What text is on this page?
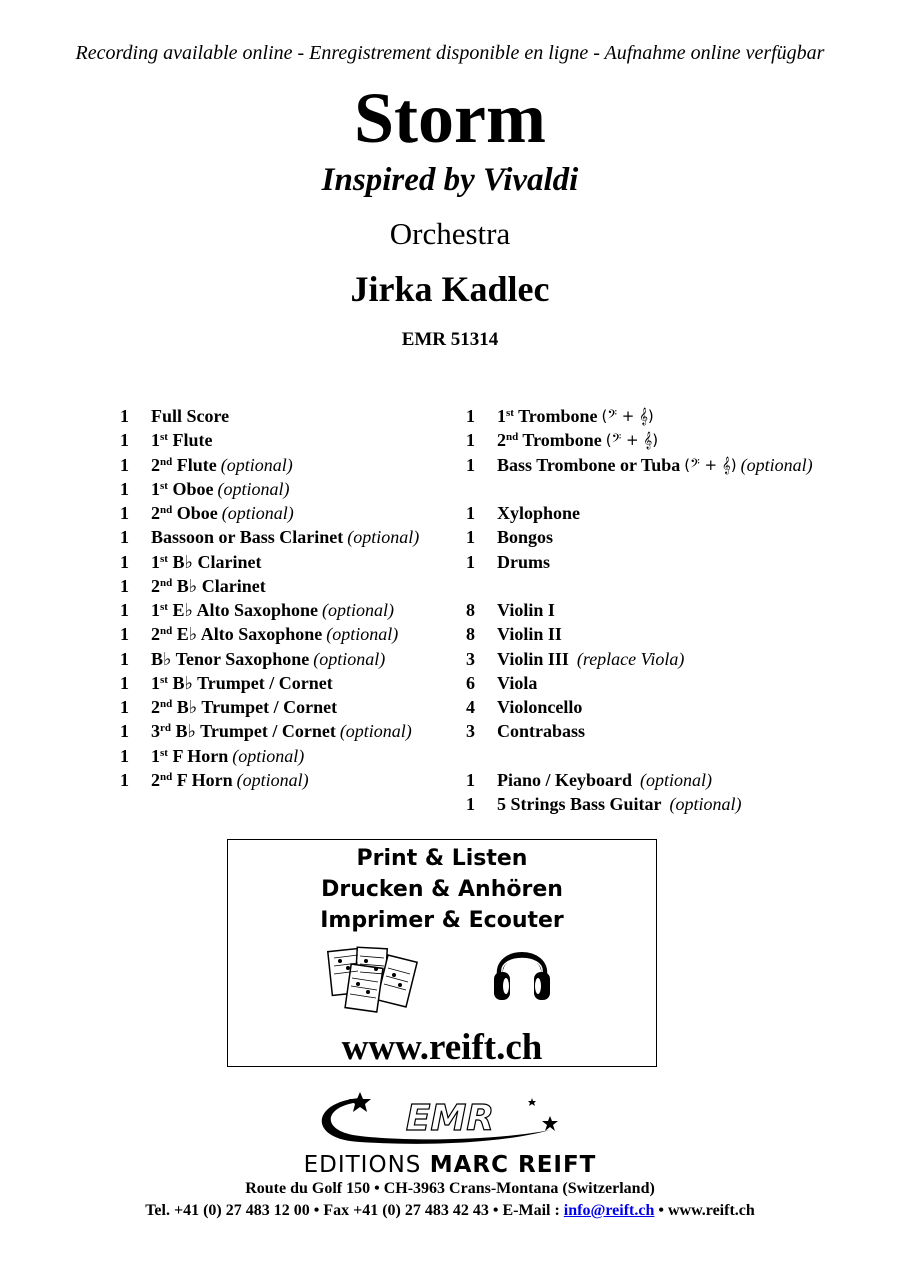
Recording available online - Enregistrement disponible en ligne - Aufnahme online verfügbar
Storm
Inspired by Vivaldi
Orchestra
Jirka Kadlec
EMR 51314
1	Full Score
1	1st Flute
1	2nd Flute (optional)
1	1st Oboe (optional)
1	2nd Oboe (optional)
1	Bassoon or Bass Clarinet (optional)
1	1st B♭ Clarinet
1	2nd B♭ Clarinet
1	1st E♭ Alto Saxophone (optional)
1	2nd E♭ Alto Saxophone (optional)
1	B♭ Tenor Saxophone (optional)
1	1st B♭ Trumpet / Cornet
1	2nd B♭ Trumpet / Cornet
1	3rd B♭ Trumpet / Cornet (optional)
1	1st F Horn (optional)
1	2nd F Horn (optional)
1	1st Trombone (𝄢 + 𝄞)
1	2nd Trombone (𝄢 + 𝄞)
1	Bass Trombone or Tuba (𝄢 + 𝄞) (optional)
1	Xylophone
1	Bongos
1	Drums
8	Violin I
8	Violin II
3	Violin III (replace Viola)
6	Viola
4	Violoncello
3	Contrabass
1	Piano / Keyboard (optional)
1	5 Strings Bass Guitar (optional)
Print & Listen
Drucken & Anhören
Imprimer & Ecouter
www.reift.ch
EMR
EDITIONS MARC REIFT
Route du Golf 150 • CH-3963 Crans-Montana (Switzerland)
Tel. +41 (0) 27 483 12 00 • Fax +41 (0) 27 483 42 43 • E-Mail : info@reift.ch • www.reift.ch
